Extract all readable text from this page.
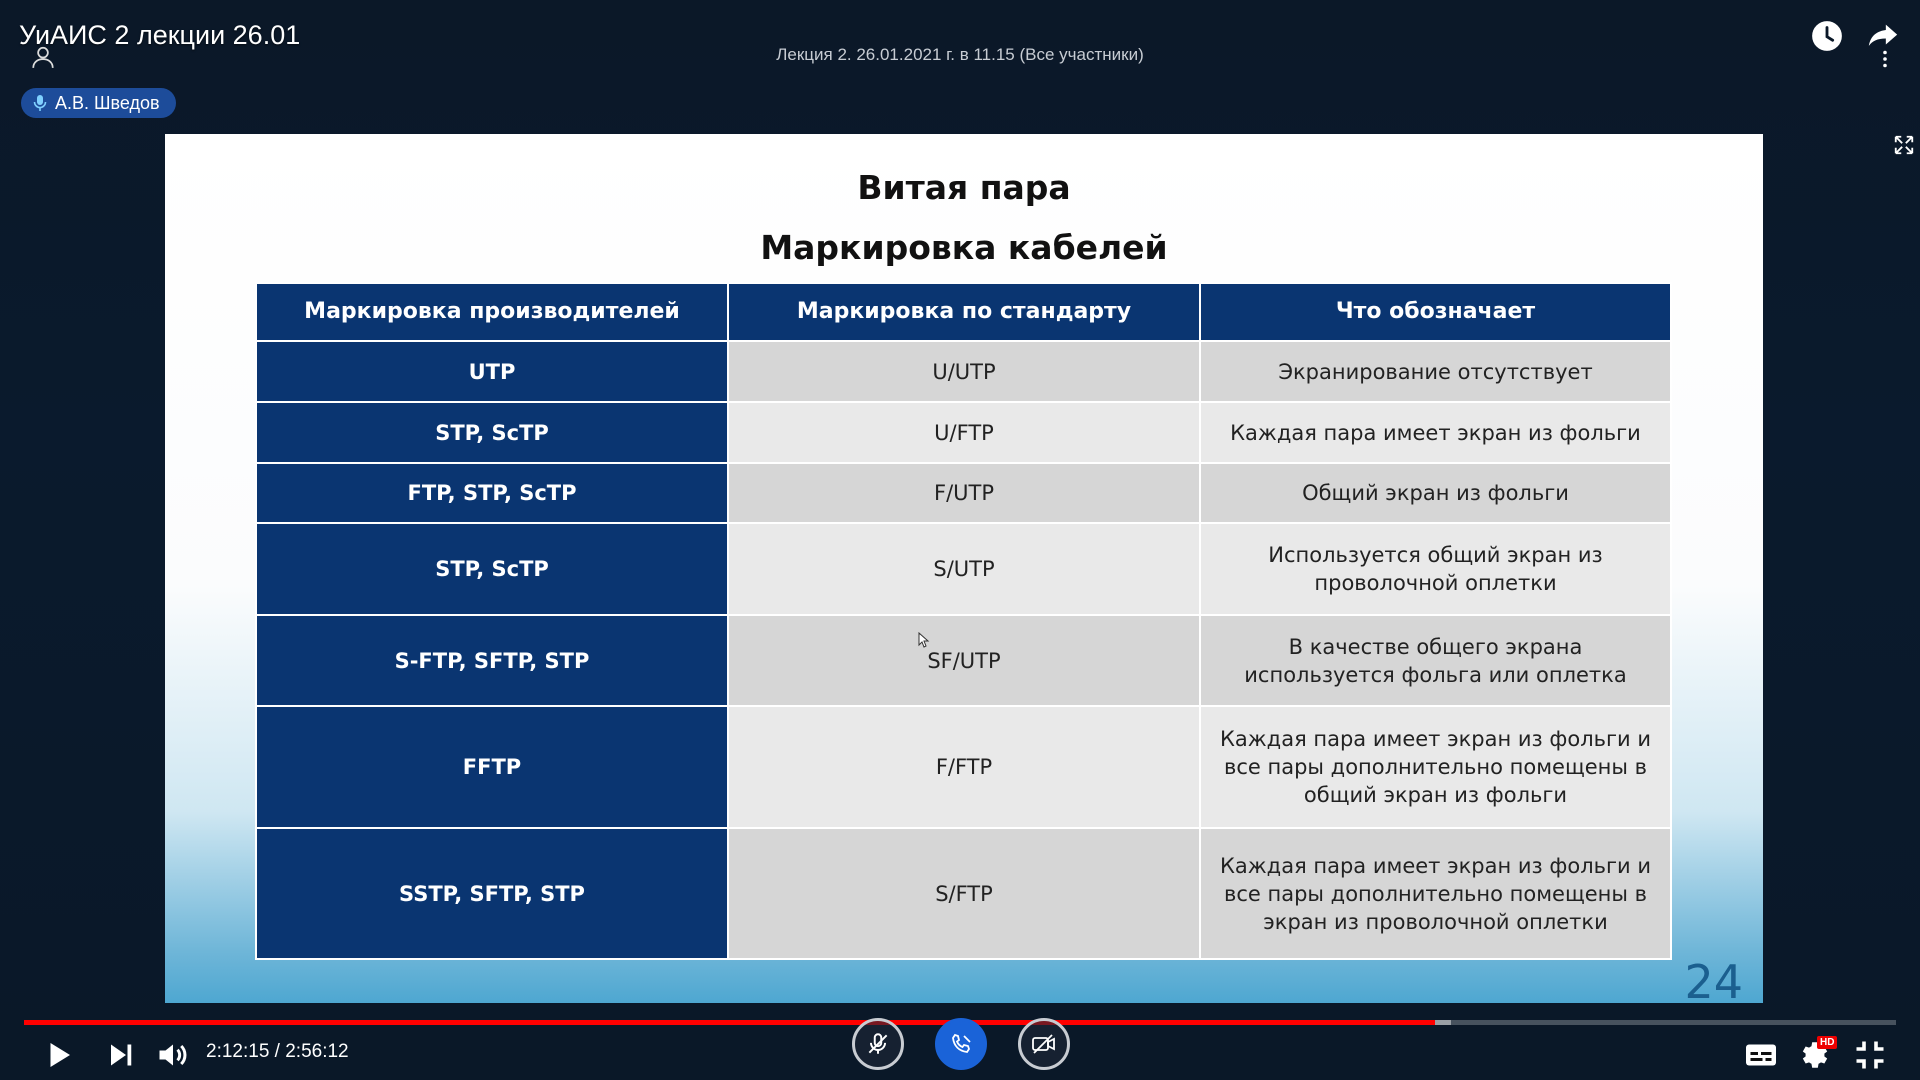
УиАИС 2 лекции 26.01
Лекция 2. 26.01.2021 г. в 11.15 (Все участники)
А.В. Шведов
Витая пара
Маркировка кабелей
Маркировка производителей	Маркировка по стандарту	Что обозначает
UTP	U/UTP	Экранирование отсутствует
STP, ScTP	U/FTP	Каждая пара имеет экран из фольги
FTP, STP, ScTP	F/UTP	Общий экран из фольги
STP, ScTP	S/UTP	Используется общий экран из проволочной оплетки
S-FTP, SFTP, STP	SF/UTP	В качестве общего экрана используется фольга или оплетка
FFTP	F/FTP	Каждая пара имеет экран из фольги и все пары дополнительно помещены в общий экран из фольги
SSTP, SFTP, STP	S/FTP	Каждая пара имеет экран из фольги и все пары дополнительно помещены в экран из проволочной оплетки
24
2:12:15 / 2:56:12	HD
